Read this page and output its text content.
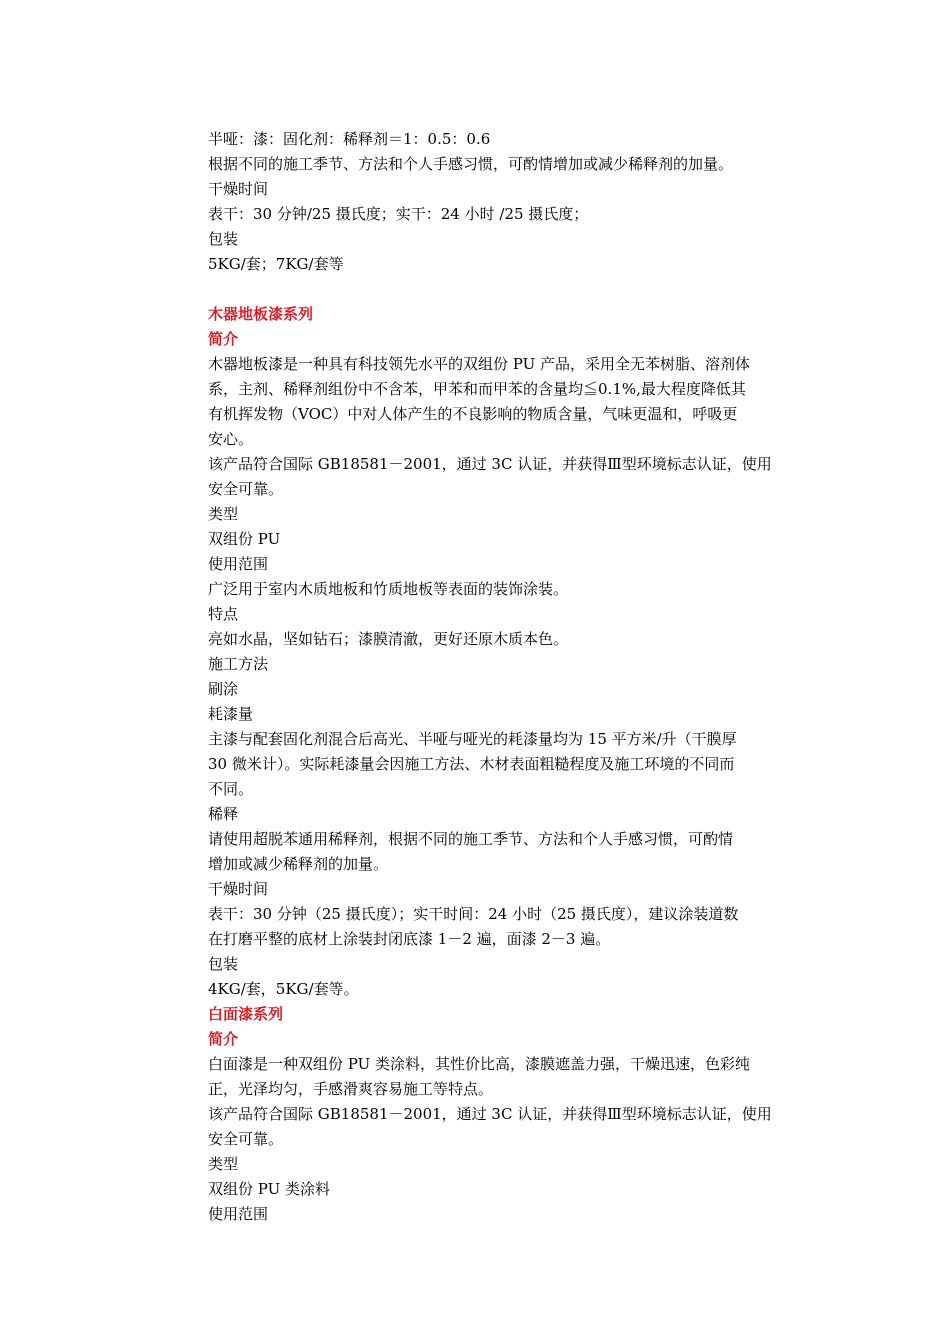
半哑：漆：固化剂：稀释剂＝1：0.5：0.6
根据不同的施工季节、方法和个人手感习惯，可酌情增加或减少稀释剂的加量。
干燥时间
表干：30 分钟/25 摄氏度；实干：24 小时 /25 摄氏度；
包装
5KG/套；7KG/套等
木器地板漆系列
简介
木器地板漆是一种具有科技领先水平的双组份 PU 产品，采用全无苯树脂、溶剂体
系，主剂、稀释剂组份中不含苯，甲苯和而甲苯的含量均≦0.1%,最大程度降低其
有机挥发物（VOC）中对人体产生的不良影响的物质含量，气味更温和，呼吸更
安心。
该产品符合国际 GB18581－2001，通过 3C 认证，并获得Ⅲ型环境标志认证，使用
安全可靠。
类型
双组份 PU
使用范围
广泛用于室内木质地板和竹质地板等表面的装饰涂装。
特点
亮如水晶，坚如钻石；漆膜清澈，更好还原木质本色。
施工方法
刷涂
耗漆量
主漆与配套固化剂混合后高光、半哑与哑光的耗漆量均为 15 平方米/升（干膜厚
30 微米计）。实际耗漆量会因施工方法、木材表面粗糙程度及施工环境的不同而
不同。
稀释
请使用超脱苯通用稀释剂，根据不同的施工季节、方法和个人手感习惯，可酌情
增加或减少稀释剂的加量。
干燥时间
表干：30 分钟（25 摄氏度）；实干时间：24 小时（25 摄氏度），建议涂装道数
在打磨平整的底材上涂装封闭底漆 1－2 遍，面漆 2－3 遍。
包装
4KG/套，5KG/套等。
白面漆系列
简介
白面漆是一种双组份 PU 类涂料，其性价比高，漆膜遮盖力强，干燥迅速，色彩纯
正，光泽均匀，手感滑爽容易施工等特点。
该产品符合国际 GB18581－2001，通过 3C 认证，并获得Ⅲ型环境标志认证，使用
安全可靠。
类型
双组份 PU 类涂料
使用范围
